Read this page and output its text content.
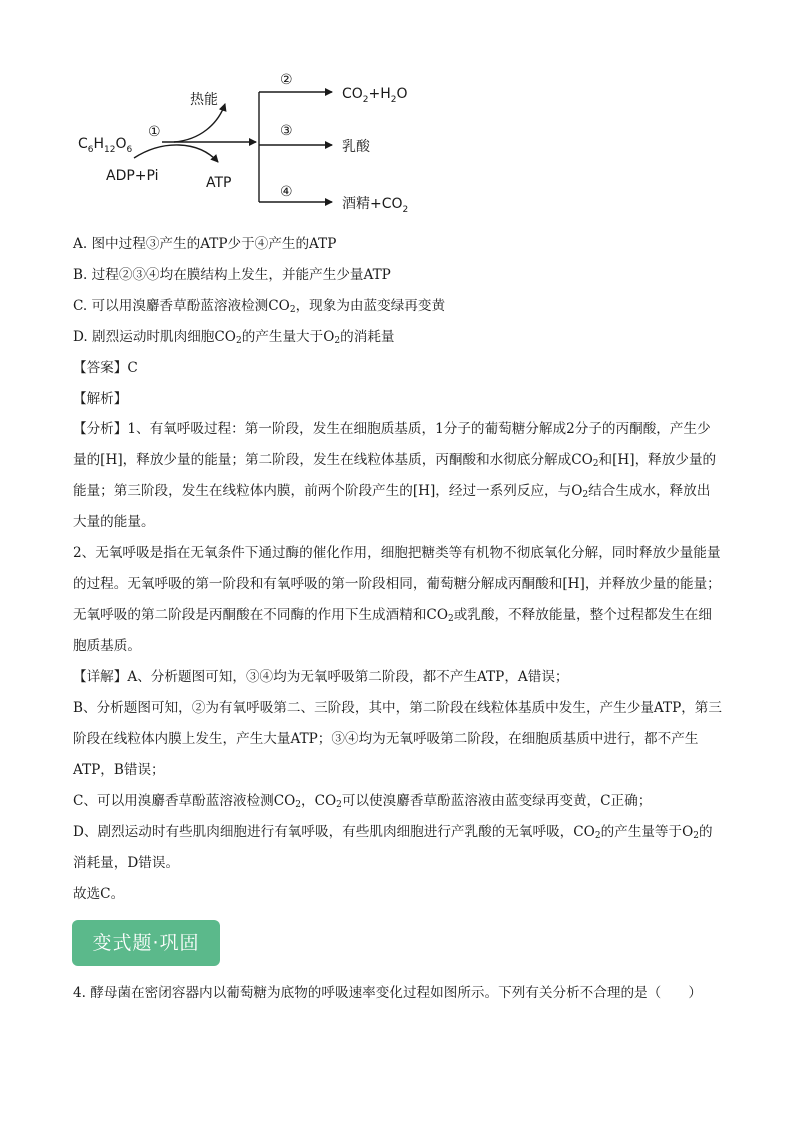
$C_6H_{12}O_6$
热能
ADP+Pi	ATP
①
②
③
④
$CO_2+H_2O$
乳酸
酒精$+CO_2$
A. 图中过程③产生的ATP少于④产生的ATP
B. 过程②③④均在膜结构上发生，并能产生少量ATP
C. 可以用溴麝香草酚蓝溶液检测$CO_2$，现象为由蓝变绿再变黄
D. 剧烈运动时肌肉细胞$CO_2$的产生量大于$O_2$的消耗量
【答案】C
【解析】

【分析】1、有氧呼吸过程：第一阶段，发生在细胞质基质，1分子的葡萄糖分解成2分子的丙酮酸，产生少量的[H]，释放少量的能量；第二阶段，发生在线粒体基质，丙酮酸和水彻底分解成$CO_2$和[H]，释放少量的能量；第三阶段，发生在线粒体内膜，前两个阶段产生的[H]，经过一系列反应，与$O_2$结合生成水，释放出大量的能量。

2、无氧呼吸是指在无氧条件下通过酶的催化作用，细胞把糖类等有机物不彻底氧化分解，同时释放少量能量的过程。无氧呼吸的第一阶段和有氧呼吸的第一阶段相同，葡萄糖分解成丙酮酸和[H]，并释放少量的能量；无氧呼吸的第二阶段是丙酮酸在不同酶的作用下生成酒精和$CO_2$或乳酸，不释放能量，整个过程都发生在细胞质基质。

【详解】A、分析题图可知，③④均为无氧呼吸第二阶段，都不产生ATP，A错误；

B、分析题图可知，②为有氧呼吸第二、三阶段，其中，第二阶段在线粒体基质中发生，产生少量ATP，第三阶段在线粒体内膜上发生，产生大量ATP；③④均为无氧呼吸第二阶段，在细胞质基质中进行，都不产生ATP，B错误；

C、可以用溴麝香草酚蓝溶液检测$CO_2$，$CO_2$可以使溴麝香草酚蓝溶液由蓝变绿再变黄，C正确；

D、剧烈运动时有些肌肉细胞进行有氧呼吸，有些肌肉细胞进行产乳酸的无氧呼吸，$CO_2$的产生量等于$O_2$的消耗量，D错误。

故选C。

变式题·巩固
4. 酵母菌在密闭容器内以葡萄糖为底物的呼吸速率变化过程如图所示。下列有关分析不合理的是（　　）
